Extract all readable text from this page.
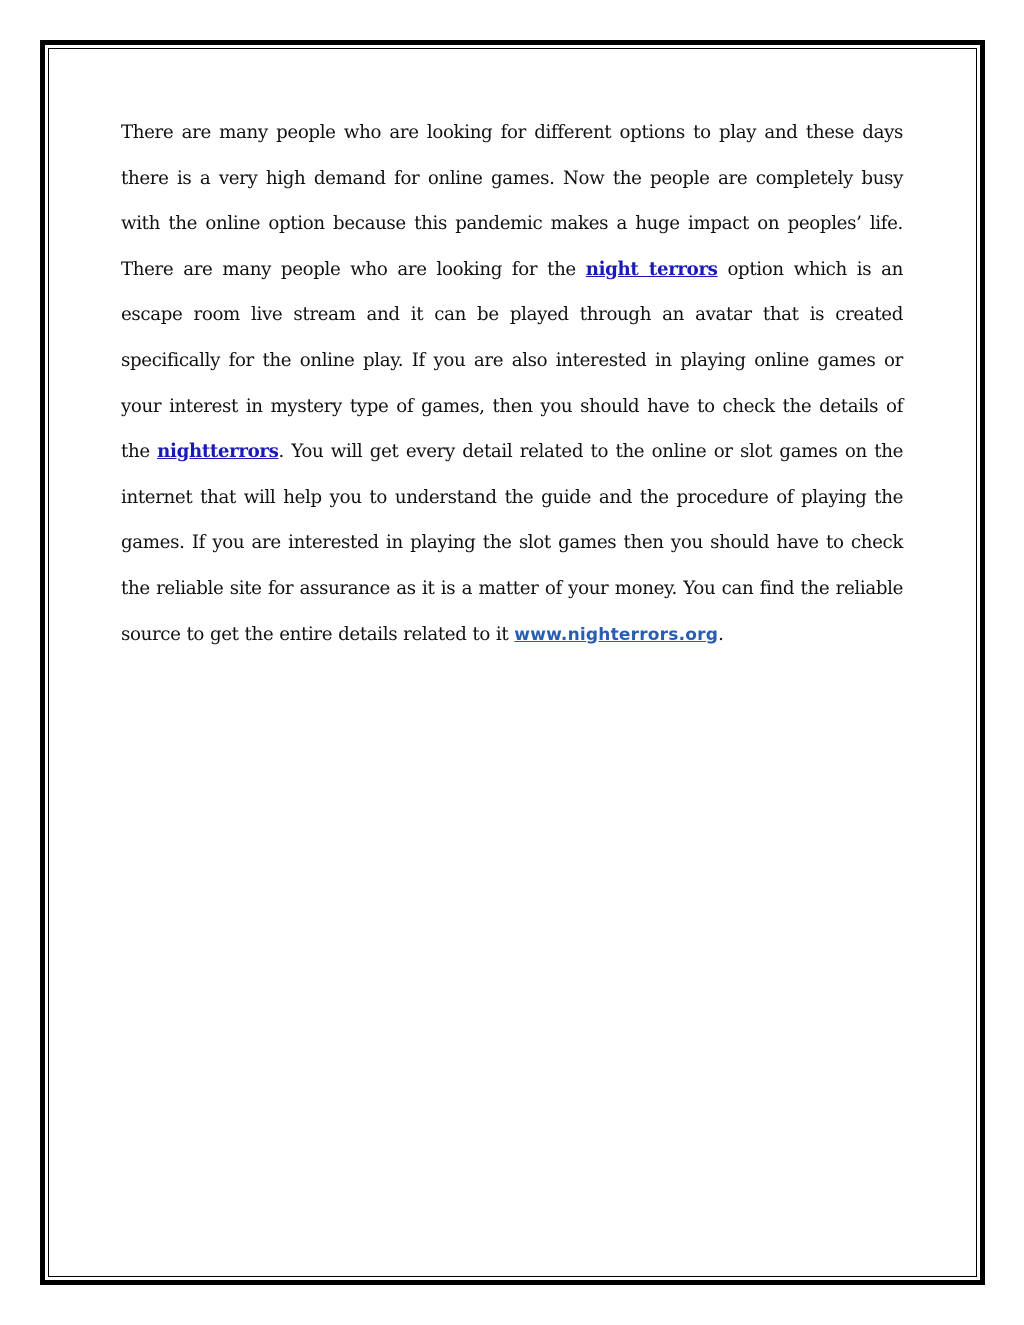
There are many people who are looking for different options to play and these days there is a very high demand for online games. Now the people are completely busy with the online option because this pandemic makes a huge impact on peoples’ life. There are many people who are looking for the night terrors option which is an escape room live stream and it can be played through an avatar that is created specifically for the online play. If you are also interested in playing online games or your interest in mystery type of games, then you should have to check the details of the nightterrors. You will get every detail related to the online or slot games on the internet that will help you to understand the guide and the procedure of playing the games. If you are interested in playing the slot games then you should have to check the reliable site for assurance as it is a matter of your money. You can find the reliable source to get the entire details related to it www.nighterrors.org.
